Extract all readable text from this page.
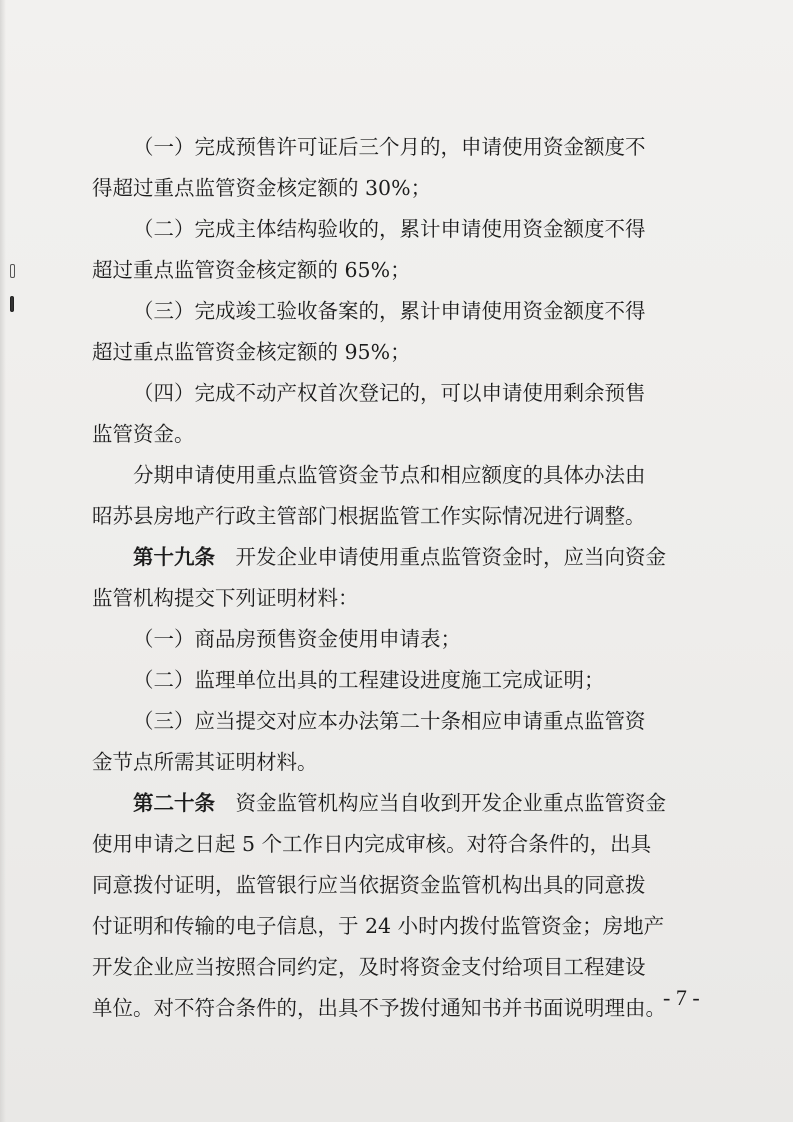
（一）完成预售许可证后三个月的，申请使用资金额度不
得超过重点监管资金核定额的 30%；
（二）完成主体结构验收的，累计申请使用资金额度不得
超过重点监管资金核定额的 65%；
（三）完成竣工验收备案的，累计申请使用资金额度不得
超过重点监管资金核定额的 95%；
（四）完成不动产权首次登记的，可以申请使用剩余预售
监管资金。
分期申请使用重点监管资金节点和相应额度的具体办法由
昭苏县房地产行政主管部门根据监管工作实际情况进行调整。
第十九条　 开发企业申请使用重点监管资金时，应当向资金
监管机构提交下列证明材料：
（一）商品房预售资金使用申请表；
（二）监理单位出具的工程建设进度施工完成证明；
（三）应当提交对应本办法第二十条相应申请重点监管资
金节点所需其证明材料。
第二十条　 资金监管机构应当自收到开发企业重点监管资金
使用申请之日起 5 个工作日内完成审核。对符合条件的，出具
同意拨付证明，监管银行应当依据资金监管机构出具的同意拨
付证明和传输的电子信息，于 24 小时内拨付监管资金；房地产
开发企业应当按照合同约定，及时将资金支付给项目工程建设
单位。对不符合条件的，出具不予拨付通知书并书面说明理由。
- 7 -
